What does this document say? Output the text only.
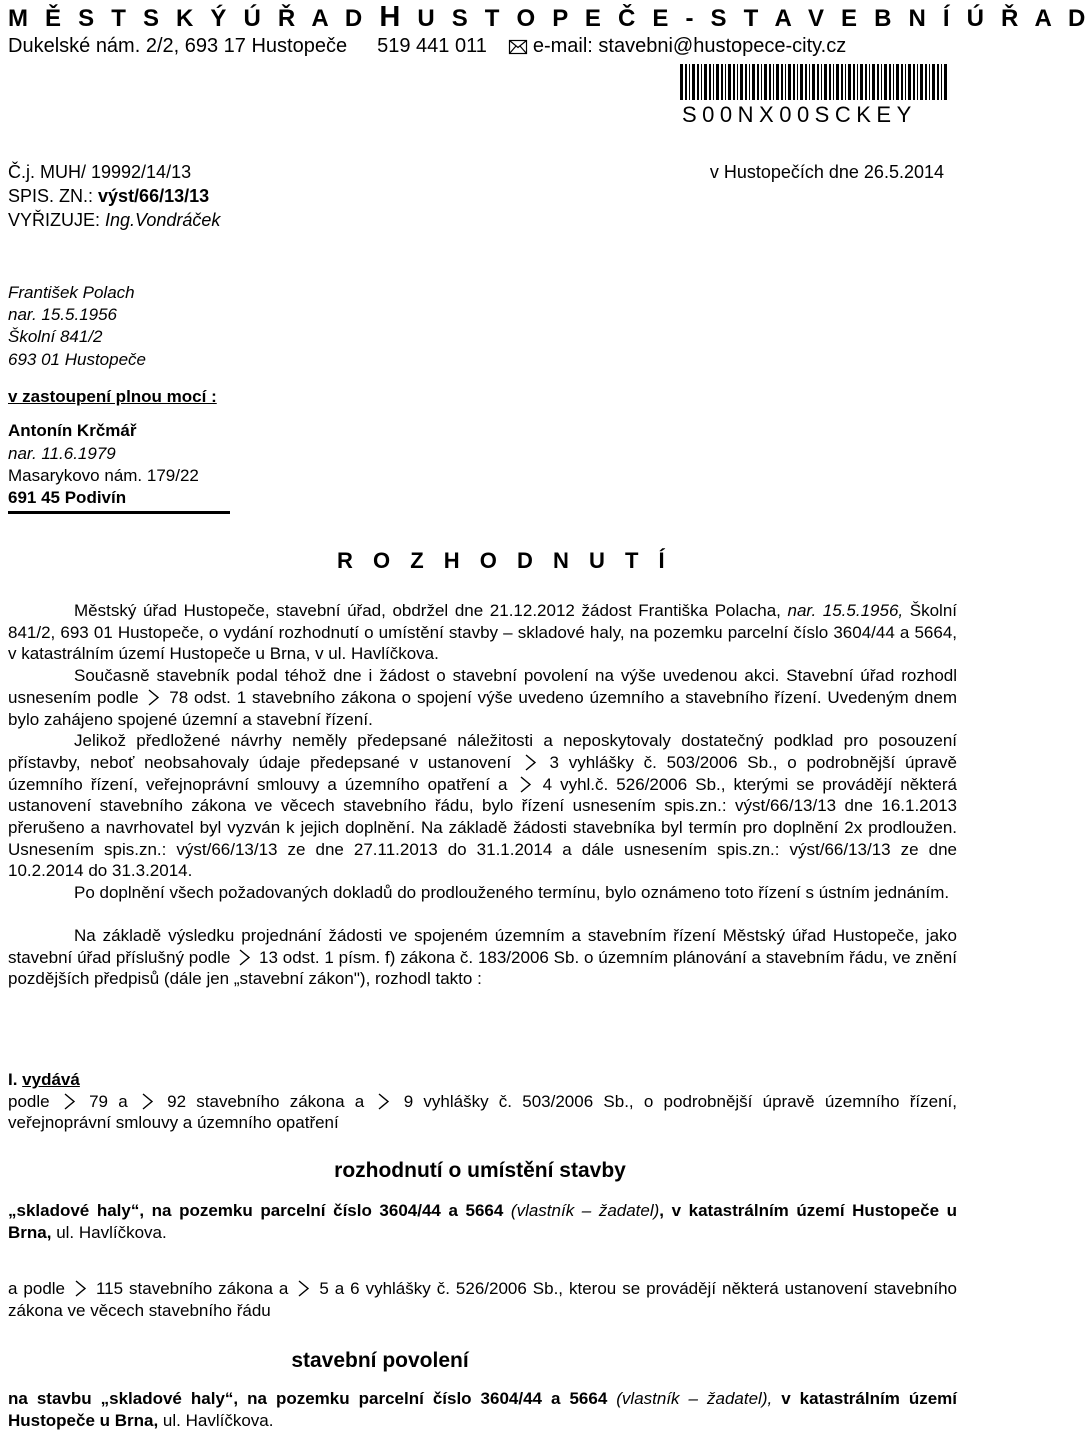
M Ě S T S K Ý Ú Ř A D H U S T O P E Č E - S T A V E B N Í Ú Ř A D
Dukelské nám. 2/2, 693 17 Hustopeče 519 441 011 e-mail: stavebni@hustopece-city.cz
S00NX00SCKEY
Č.j. MUH/ 19992/14/13
SPIS. ZN.: výst/66/13/13
VYŘIZUJE: Ing.Vondráček
v Hustopečích dne 26.5.2014
František Polach
nar. 15.5.1956
Školní 841/2
693 01 Hustopeče
v zastoupení plnou mocí :
Antonín Krčmář
nar. 11.6.1979
Masarykovo nám. 179/22
691 45 Podivín
R O Z H O D N U T Í

Městský úřad Hustopeče, stavební úřad, obdržel dne 21.12.2012 žádost Františka Polacha, nar. 15.5.1956, Školní 841/2, 693 01 Hustopeče, o vydání rozhodnutí o umístění stavby – skladové haly, na pozemku parcelní číslo 3604/44 a 5664, v katastrálním území Hustopeče u Brna, v ul. Havlíčkova.

Současně stavebník podal téhož dne i žádost o stavební povolení na výše uvedenou akci. Stavební úřad rozhodl usnesením podle  78 odst. 1 stavebního zákona o spojení výše uvedeno územního a stavebního řízení. Uvedeným dnem bylo zahájeno spojené územní a stavební řízení.

Jelikož předložené návrhy neměly předepsané náležitosti a neposkytovaly dostatečný podklad pro posouzení přístavby, neboť neobsahovaly údaje předepsané v ustanovení  3 vyhlášky č. 503/2006 Sb., o podrobnější úpravě územního řízení, veřejnoprávní smlouvy a územního opatření a  4 vyhl.č. 526/2006 Sb., kterými se provádějí některá ustanovení stavebního zákona ve věcech stavebního řádu, bylo řízení usnesením spis.zn.: výst/66/13/13 dne 16.1.2013 přerušeno a navrhovatel byl vyzván k jejich doplnění. Na základě žádosti stavebníka byl termín pro doplnění 2x prodloužen. Usnesením spis.zn.: výst/66/13/13 ze dne 27.11.2013 do 31.1.2014 a dále usnesením spis.zn.: výst/66/13/13 ze dne 10.2.2014 do 31.3.2014.

Po doplnění všech požadovaných dokladů do prodlouženého termínu, bylo oznámeno toto řízení s ústním jednáním.

Na základě výsledku projednání žádosti ve spojeném územním a stavebním řízení Městský úřad Hustopeče, jako stavební úřad příslušný podle  13 odst. 1 písm. f) zákona č. 183/2006 Sb. o územním plánování a stavebním řádu, ve znění pozdějších předpisů (dále jen „stavební zákon"), rozhodl takto :

I. vydává

podle  79 a  92 stavebního zákona a  9 vyhlášky č. 503/2006 Sb., o podrobnější úpravě územního řízení, veřejnoprávní smlouvy a územního opatření

rozhodnutí o umístění stavby

„skladové haly“, na pozemku parcelní číslo 3604/44 a 5664 (vlastník – žadatel), v katastrálním území Hustopeče u Brna, ul. Havlíčkova.

a podle  115 stavebního zákona a  5 a 6 vyhlášky č. 526/2006 Sb., kterou se provádějí některá ustanovení stavebního zákona ve věcech stavebního řádu

stavební povolení

na stavbu „skladové haly“, na pozemku parcelní číslo 3604/44 a 5664 (vlastník – žadatel), v katastrálním území Hustopeče u Brna, ul. Havlíčkova.
